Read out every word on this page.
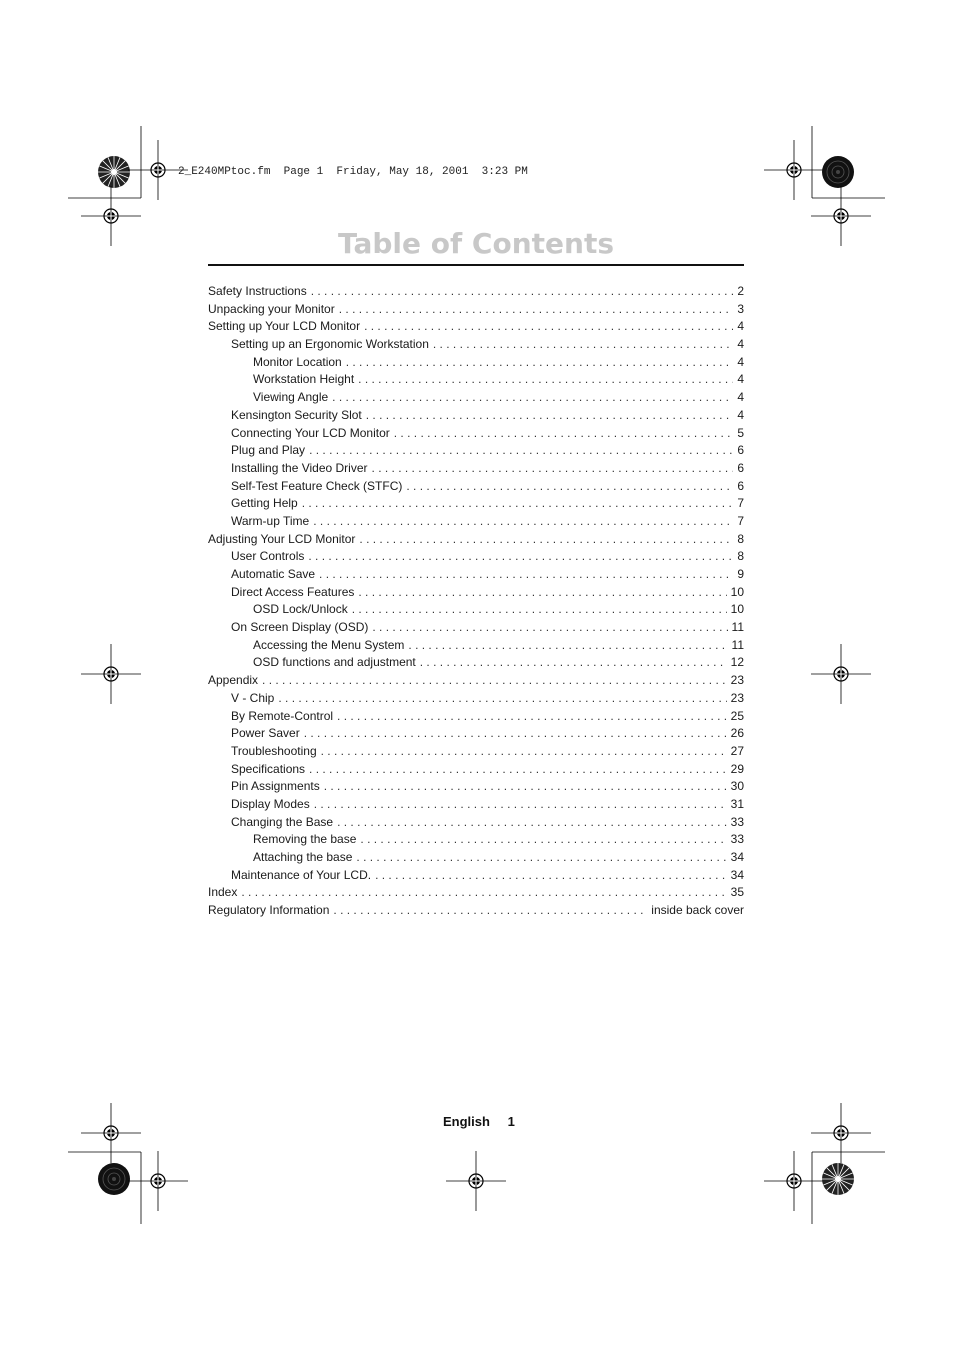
2_E240MPtoc.fm  Page 1  Friday, May 18, 2001  3:23 PM
Table of Contents
Safety Instructions . . .	2
Unpacking your Monitor . . .	3
Setting up Your LCD Monitor . . .	4
Setting up an Ergonomic Workstation . . .	4
Monitor Location . . .	4
Workstation Height . . .	4
Viewing Angle . . .	4
Kensington Security Slot . . .	4
Connecting Your LCD Monitor . . .	5
Plug and Play . . .	6
Installing the Video Driver . . .	6
Self-Test Feature Check (STFC) . . .	6
Getting Help . . .	7
Warm-up Time . . .	7
Adjusting Your LCD Monitor . . .	8
User Controls . . .	8
Automatic Save . . .	9
Direct Access Features . . .	10
OSD Lock/Unlock . . .	10
On Screen Display (OSD) . . .	11
Accessing the Menu System . . .	11
OSD functions and adjustment . . .	12
Appendix . . .	23
V - Chip . . .	23
By Remote-Control . . .	25
Power Saver . . .	26
Troubleshooting . . .	27
Specifications . . .	29
Pin Assignments . . .	30
Display Modes . . .	31
Changing the Base . . .	33
Removing the base . . .	33
Attaching the base . . .	34
Maintenance of Your LCD. . . .	34
Index . . .	35
Regulatory Information . . .	inside back cover
English 1
